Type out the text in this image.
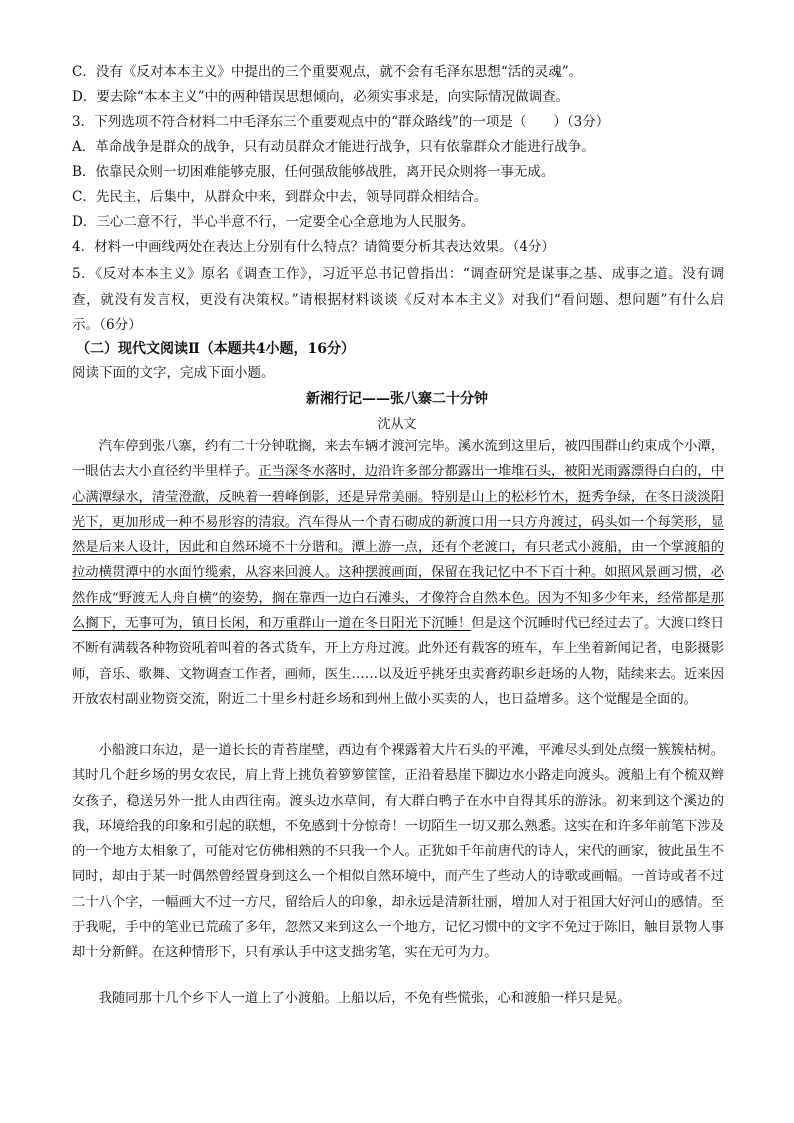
C．没有《反对本本主义》中提出的三个重要观点，就不会有毛泽东思想“活的灵魂”。
D．要去除“本本主义”中的两种错误思想倾向，必须实事求是，向实际情况做调查。
3．下列选项不符合材料二中毛泽东三个重要观点中的“群众路线”的一项是（　　）（3分）
A．革命战争是群众的战争，只有动员群众才能进行战争，只有依靠群众才能进行战争。
B．依靠民众则一切困难能够克服，任何强敌能够战胜，离开民众则将一事无成。
C．先民主，后集中，从群众中来，到群众中去，领导同群众相结合。
D．三心二意不行，半心半意不行，一定要全心全意地为人民服务。
4．材料一中画线两处在表达上分别有什么特点？请简要分析其表达效果。（4分）
5．《反对本本主义》原名《调查工作》，习近平总书记曾指出：“调查研究是谋事之基、成事之道。没有调查，就没有发言权，更没有决策权。”请根据材料谈谈《反对本本主义》对我们“看问题、想问题”有什么启示。（6分）
（二）现代文阅读Ⅱ（本题共4小题，16分）
阅读下面的文字，完成下面小题。
新湘行记——张八寨二十分钟
沈从文
汽车停到张八寨，约有二十分钟耽搁，来去车辆才渡河完毕。溪水流到这里后，被四围群山约束成个小潭，一眼估去大小直径约半里样子。正当深冬水落时，边沿许多部分都露出一堆堆石头，被阳光雨露漂得白白的，中心满潭绿水，清莹澄澈，反映着一碧峰倒影，还是异常美丽。特别是山上的松杉竹木，挺秀争绿，在冬日淡淡阳光下，更加形成一种不易形容的清寂。汽车得从一个青石砌成的新渡口用一只方舟渡过，码头如一个每笑形，显然是后来人设计，因此和自然环境不十分谐和。潭上游一点，还有个老渡口，有只老式小渡船，由一个掌渡船的拉动横贯潭中的水面竹缆索，从容来回渡人。这种摆渡画面，保留在我记忆中不下百十种。如照风景画习惯，必然作成“野渡无人舟自横”的姿势，搁在靠西一边白石滩头，才像符合自然本色。因为不知多少年来，经常都是那么搁下，无事可为，镇日长闲，和万重群山一道在冬日阳光下沉睡！但是这个沉睡时代已经过去了。大渡口终日不断有满载各种物资吼着叫着的各式货车，开上方舟过渡。此外还有载客的班车，车上坐着新闻记者，电影摄影师，音乐、歌舞、文物调查工作者，画师，医生……以及近乎挑牙虫卖膏药职乡赶场的人物，陆续来去。近来因开放农村副业物资交流，附近二十里乡村赶乡场和到州上做小买卖的人，也日益增多。这个觉醒是全面的。
小船渡口东边，是一道长长的青苔崖壁，西边有个裸露着大片石头的平滩，平滩尽头到处点缀一簇簇枯树。其时几个赶乡场的男女农民，肩上背上挑负着箩箩筐筐，正沿着悬崖下脚边水小路走向渡头。渡船上有个梳双辫女孩子，稳送另外一批人由西往南。渡头边水草间，有大群白鸭子在水中自得其乐的游泳。初来到这个溪边的我，环境给我的印象和引起的联想，不免感到十分惊奇！一切陌生一切又那么熟悉。这实在和许多年前笔下涉及的一个地方太相象了，可能对它仿佛相熟的不只我一个人。正犹如千年前唐代的诗人，宋代的画家，彼此虽生不同时，却由于某一时偶然曾经置身到这么一个相似自然环境中，而产生了些动人的诗歌或画幅。一首诗或者不过二十八个字，一幅画大不过一方尺，留给后人的印象，却永远是清新壮丽，增加人对于祖国大好河山的感情。至于我呢，手中的笔业已荒疏了多年，忽然又来到这么一个地方，记忆习惯中的文字不免过于陈旧，触目景物人事却十分新鲜。在这种情形下，只有承认手中这支拙劣笔，实在无可为力。
我随同那十几个乡下人一道上了小渡船。上船以后，不免有些慌张，心和渡船一样只是晃。
